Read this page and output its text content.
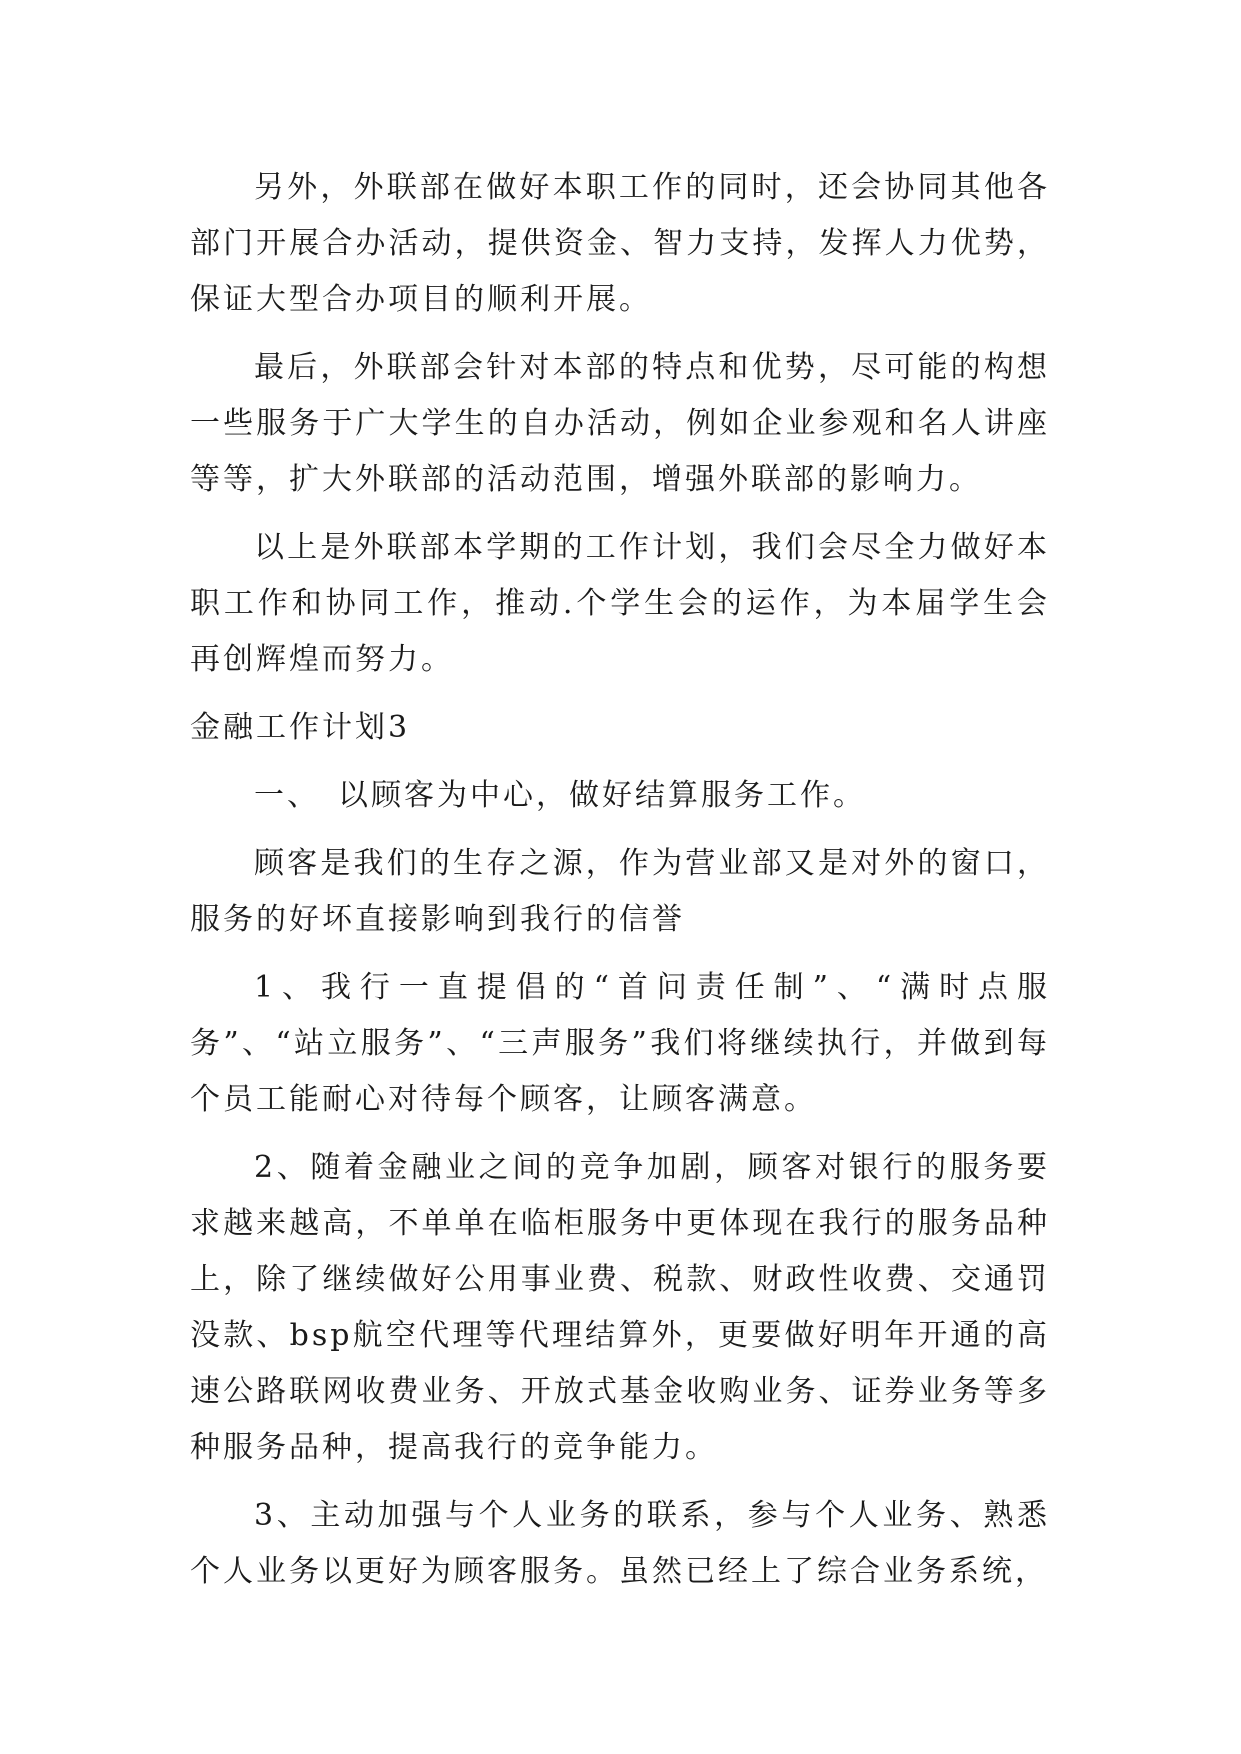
另外，外联部在做好本职工作的同时，还会协同其他各部门开展合办活动，提供资金、智力支持，发挥人力优势，保证大型合办项目的顺利开展。

最后，外联部会针对本部的特点和优势，尽可能的构想一些服务于广大学生的自办活动，例如企业参观和名人讲座等等，扩大外联部的活动范围，增强外联部的影响力。

以上是外联部本学期的工作计划，我们会尽全力做好本职工作和协同工作，推动.个学生会的运作，为本届学生会再创辉煌而努力。

金融工作计划3

一、　以顾客为中心，做好结算服务工作。

顾客是我们的生存之源，作为营业部又是对外的窗口，服务的好坏直接影响到我行的信誉

1、我行一直提倡的“首问责任制”、“满时点服务”、“站立服务”、“三声服务”我们将继续执行，并做到每个员工能耐心对待每个顾客，让顾客满意。

2、随着金融业之间的竞争加剧，顾客对银行的服务要求越来越高，不单单在临柜服务中更体现在我行的服务品种上，除了继续做好公用事业费、税款、财政性收费、交通罚没款、bsp航空代理等代理结算外，更要做好明年开通的高速公路联网收费业务、开放式基金收购业务、证券业务等多种服务品种，提高我行的竞争能力。

3、主动加强与个人业务的联系，参与个人业务、熟悉个人业务以更好为顾客服务。虽然已经上了综合业务系统，
